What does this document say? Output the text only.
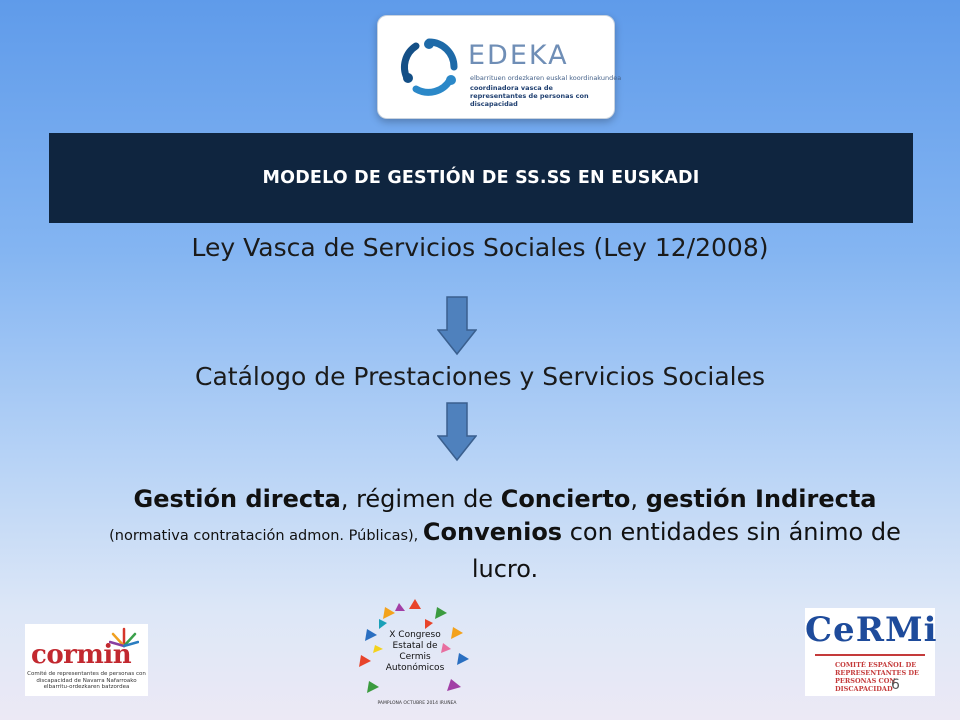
EDEKA
elbarrituen ordezkaren euskal koordinakundea
coordinadora vasca de representantes de personas con discapacidad
MODELO DE GESTIÓN DE SS.SS EN EUSKADI
Ley Vasca de Servicios Sociales (Ley 12/2008)
Catálogo de Prestaciones y Servicios Sociales
Gestión directa, régimen de Concierto, gestión Indirecta
(normativa contratación admon. Públicas), Convenios con entidades sin ánimo de lucro.
cormin
Comité de representantes de personas con discapacidad de Navarra Nafarroako elbarritu-ordezkaren batzordea
X Congreso Estatal de Cermis Autonómicos
PAMPLONA OCTUBRE 2014 IRUÑEA
CeRMi
COMITÉ ESPAÑOL DE REPRESENTANTES DE PERSONAS CON DISCAPACIDAD
6
